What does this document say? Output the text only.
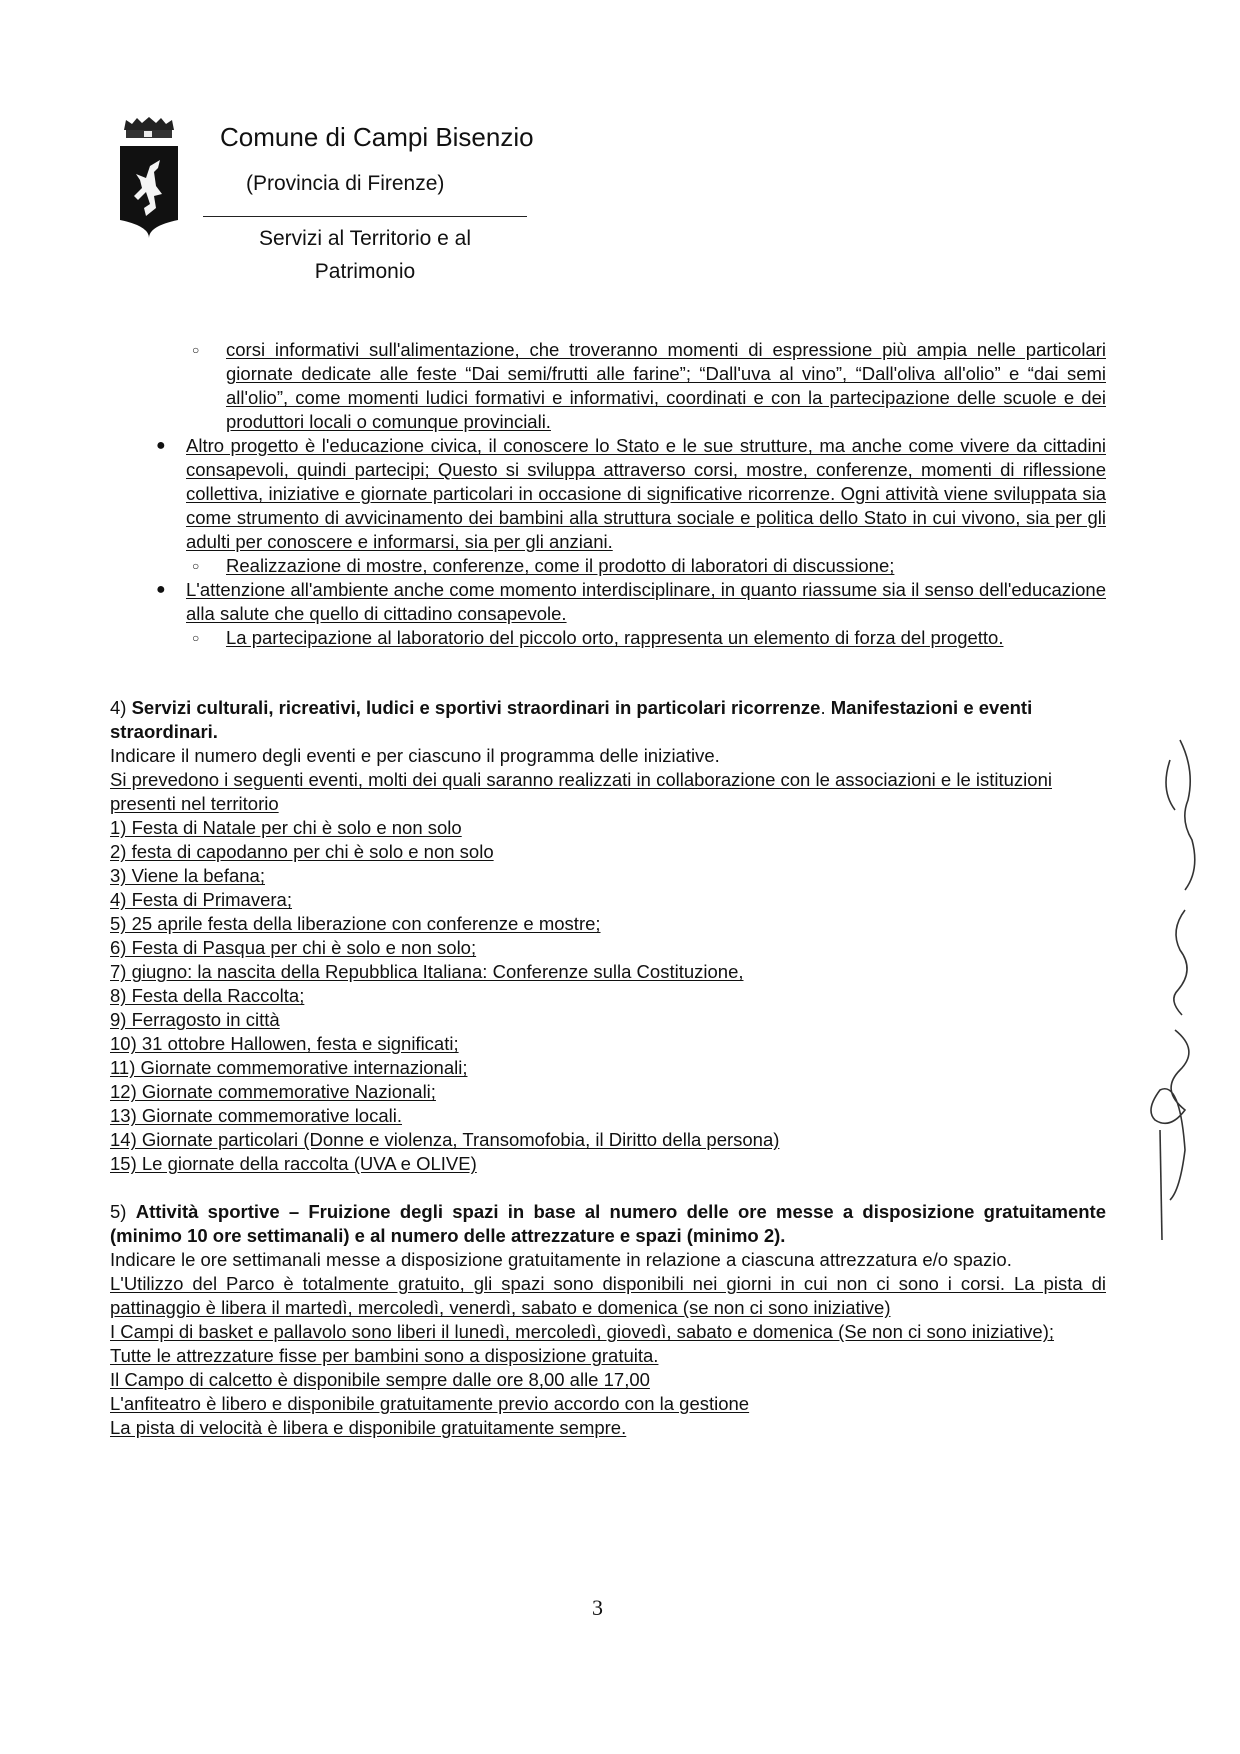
Comune di Campi Bisenzio
(Provincia di Firenze)
Servizi al Territorio e al
Patrimonio
○ corsi informativi sull'alimentazione, che troveranno momenti di espressione più ampia nelle particolari giornate dedicate alle feste “Dai semi/frutti alle farine”; “Dall'uva al vino”, “Dall'oliva all'olio” e “dai semi all'olio”, come momenti ludici formativi e informativi, coordinati e con la partecipazione delle scuole e dei produttori locali o comunque provinciali.
● Altro progetto è l'educazione civica, il conoscere lo Stato e le sue strutture, ma anche come vivere da cittadini consapevoli, quindi partecipi; Questo si sviluppa attraverso corsi, mostre, conferenze, momenti di riflessione collettiva, iniziative e giornate particolari in occasione di significative ricorrenze. Ogni attività viene sviluppata sia come strumento di avvicinamento dei bambini alla struttura sociale e politica dello Stato in cui vivono, sia per gli adulti per conoscere e informarsi, sia per gli anziani.
○ Realizzazione di mostre, conferenze, come il prodotto di laboratori di discussione;
● L'attenzione all'ambiente anche come momento interdisciplinare, in quanto riassume sia il senso dell'educazione alla salute che quello di cittadino consapevole.
○ La partecipazione al laboratorio del piccolo orto, rappresenta un elemento di forza del progetto.
4) Servizi culturali, ricreativi, ludici e sportivi straordinari in particolari ricorrenze. Manifestazioni e eventi straordinari.
Indicare il numero degli eventi e per ciascuno il programma delle iniziative.
Si prevedono i seguenti eventi, molti dei quali saranno realizzati in collaborazione con le associazioni e le istituzioni presenti nel territorio
1) Festa di Natale per chi è solo e non solo
2) festa di capodanno per chi è solo e non solo
3) Viene la befana;
4) Festa di Primavera;
5) 25 aprile festa della liberazione con conferenze e mostre;
6) Festa di Pasqua per chi è solo e non solo;
7) giugno: la nascita della Repubblica Italiana: Conferenze sulla Costituzione,
8) Festa della Raccolta;
9) Ferragosto in città
10) 31 ottobre Hallowen, festa e significati;
11) Giornate commemorative internazionali;
12) Giornate commemorative Nazionali;
13) Giornate commemorative locali.
14) Giornate particolari (Donne e violenza, Transomofobia, il Diritto della persona)
15) Le giornate della raccolta (UVA e OLIVE)
5) Attività sportive – Fruizione degli spazi in base al numero delle ore messe a disposizione gratuitamente (minimo 10 ore settimanali) e al numero delle attrezzature e spazi (minimo 2).
Indicare le ore settimanali messe a disposizione gratuitamente in relazione a ciascuna attrezzatura e/o spazio.
L'Utilizzo del Parco è totalmente gratuito, gli spazi sono disponibili nei giorni in cui non ci sono i corsi. La pista di pattinaggio è libera il martedì, mercoledì, venerdì, sabato e domenica (se non ci sono iniziative)
I Campi di basket e pallavolo sono liberi il lunedì, mercoledì, giovedì, sabato e domenica (Se non ci sono iniziative);
Tutte le attrezzature fisse per bambini sono a disposizione gratuita.
Il Campo di calcetto è disponibile sempre dalle ore 8,00 alle 17,00
L'anfiteatro è libero e disponibile gratuitamente previo accordo con la gestione
La pista di velocità è libera e disponibile gratuitamente sempre.
3
